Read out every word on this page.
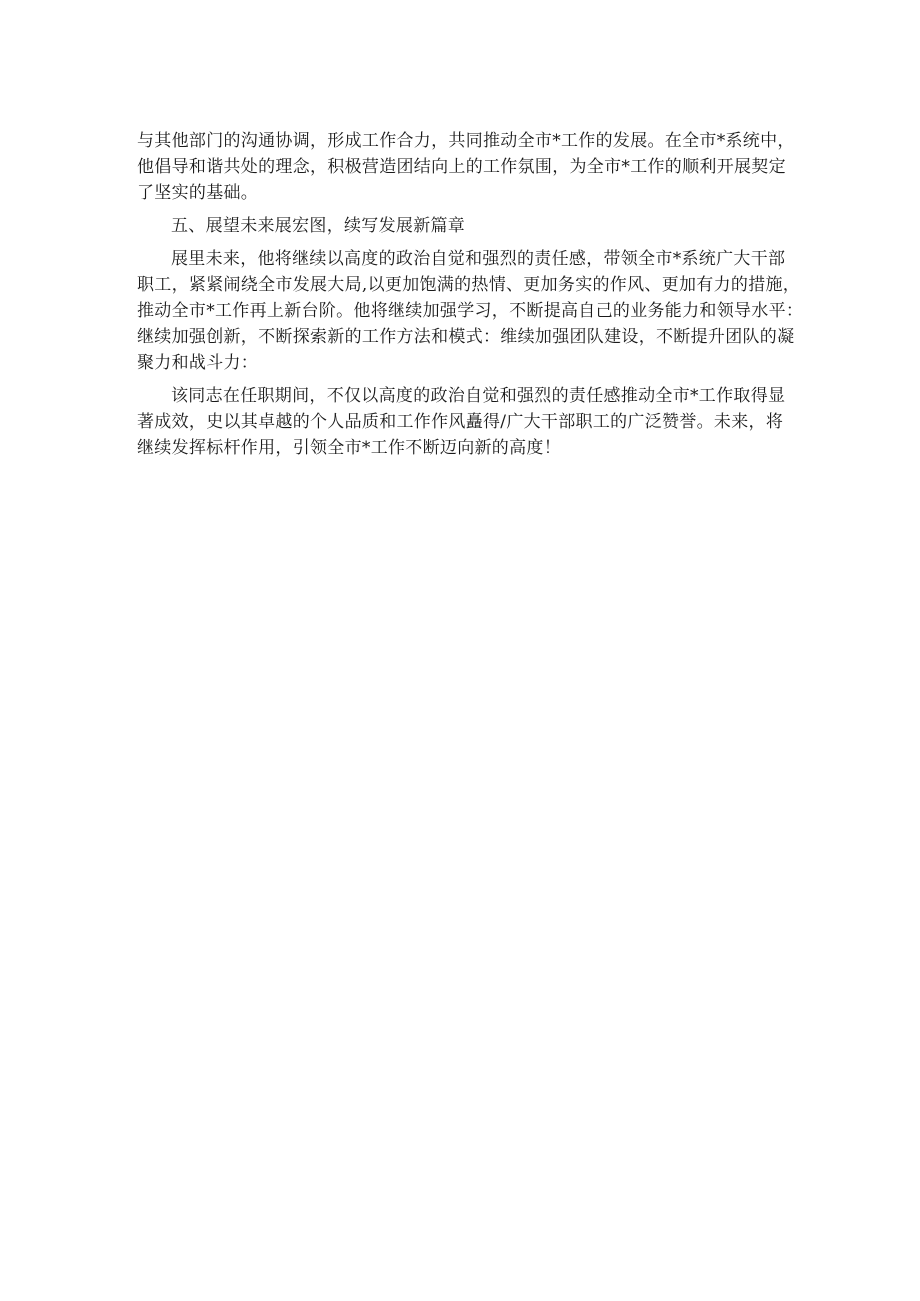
与其他部门的沟通协调，形成工作合力，共同推动全市*工作的发展。在全市*系统中，
他倡导和谐共处的理念，积极营造团结向上的工作氛围，为全市*工作的顺利开展契定
了坚实的基础。
五、展望未来展宏图，续写发展新篇章
展里未来，他将继续以高度的政治自觉和强烈的责任感，带领全市*系统广大干部
职工，紧紧闹绕全市发展大局,以更加饱满的热情、更加务实的作风、更加有力的措施，
推动全市*工作再上新台阶。他将继续加强学习，不断提高自己的业务能力和领导水平：
继续加强创新，不断探索新的工作方法和模式：维续加强团队建设，不断提升团队的凝
聚力和战斗力：
该同志在任职期间，不仅以高度的政治自觉和强烈的责任感推动全市*工作取得显
著成效，史以其卓越的个人品质和工作作风矗得/广大干部职工的广泛赞誉。未来，将
继续发挥标杆作用，引领全市*工作不断迈向新的高度！
